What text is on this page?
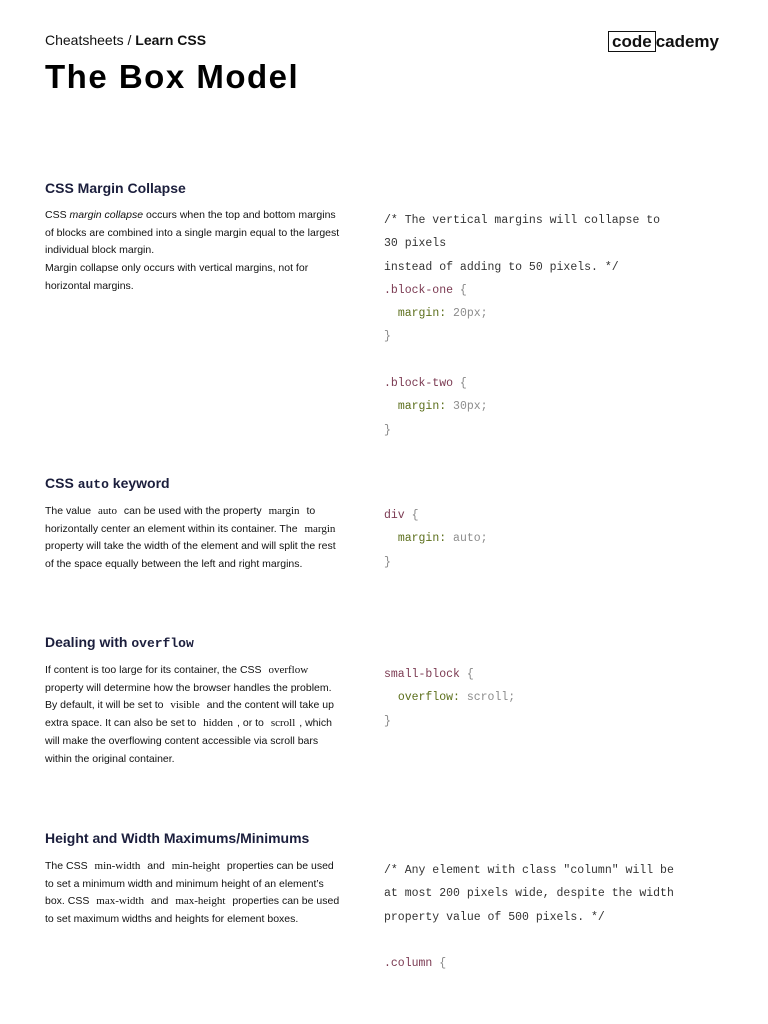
Cheatsheets / Learn CSS
The Box Model
code cademy
CSS Margin Collapse

CSS margin collapse occurs when the top and bottom margins of blocks are combined into a single margin equal to the largest individual block margin.

Margin collapse only occurs with vertical margins, not for horizontal margins.

/* The vertical margins will collapse to
30 pixels
instead of adding to 50 pixels. */
.block-one {
margin: 20px;
}

.block-two {
margin: 30px;
}
CSS auto keyword

The value auto can be used with the property margin to horizontally center an element within its container. The margin property will take the width of the element and will split the rest of the space equally between the left and right margins.

div {
margin: auto;
}
Dealing with overflow

If content is too large for its container, the CSS overflow property will determine how the browser handles the problem.

By default, it will be set to visible and the content will take up extra space. It can also be set to hidden , or to scroll , which will make the overflowing content accessible via scroll bars within the original container.

small-block {
overflow: scroll;
}
Height and Width Maximums/Minimums

The CSS min-width and min-height properties can be used to set a minimum width and minimum height of an element’s box. CSS max-width and max-height properties can be used to set maximum widths and heights for element boxes.

/* Any element with class "column" will be
at most 200 pixels wide, despite the width
property value of 500 pixels. */

.column {
